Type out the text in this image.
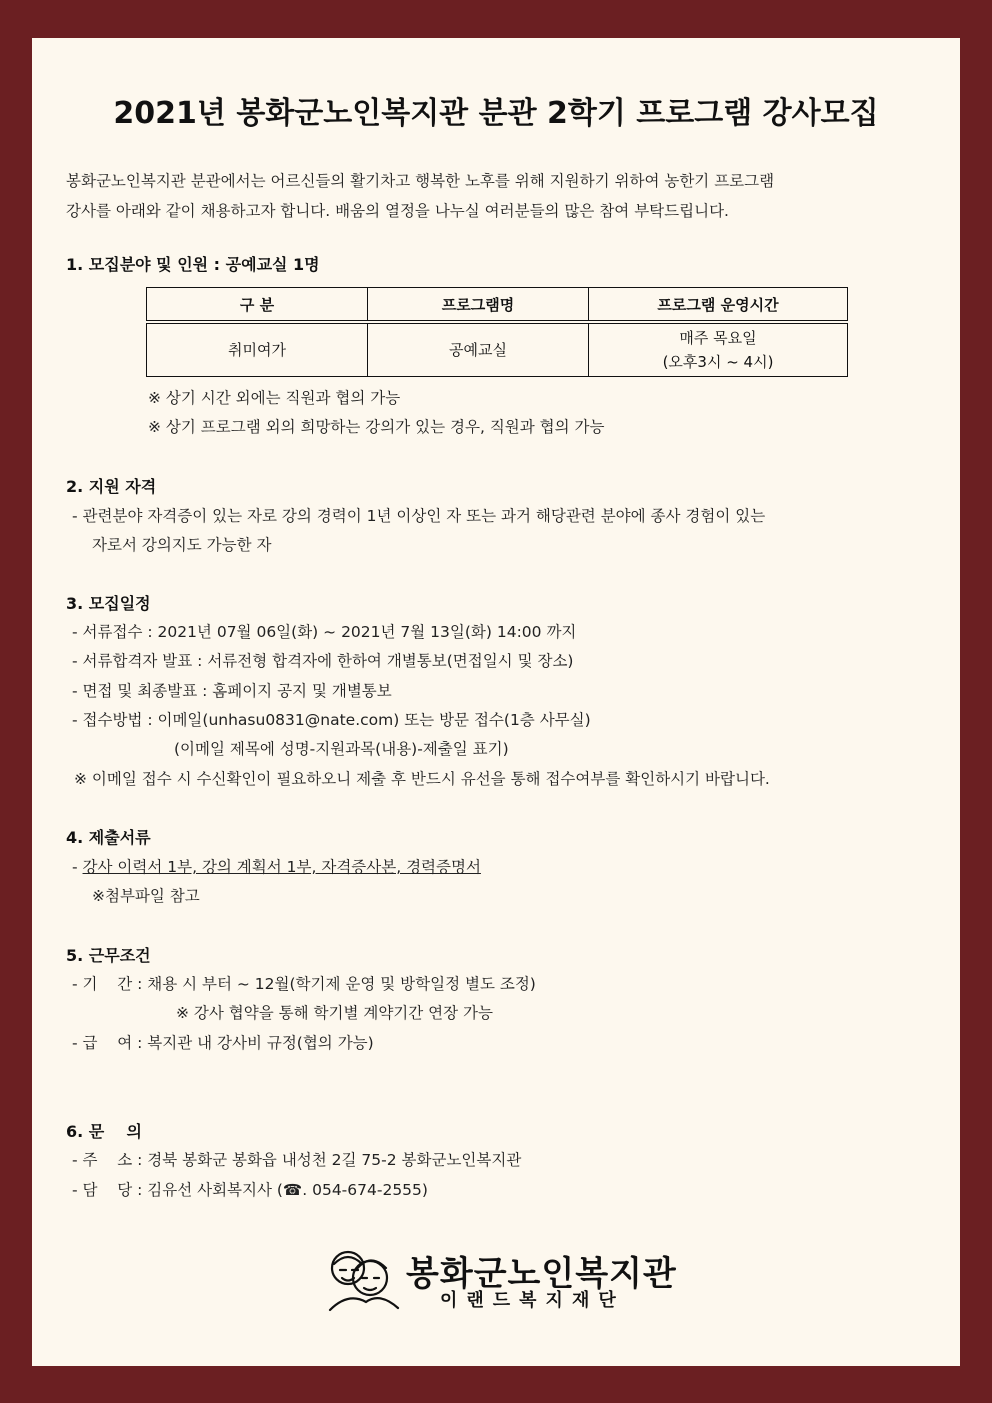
2021년 봉화군노인복지관 분관 2학기 프로그램 강사모집
봉화군노인복지관 분관에서는 어르신들의 활기차고 행복한 노후를 위해 지원하기 위하여 농한기 프로그램
강사를 아래와 같이 채용하고자 합니다. 배움의 열정을 나누실 여러분들의 많은 참여 부탁드립니다.
1. 모집분야 및 인원 : 공예교실 1명
구 분	프로그램명	프로그램 운영시간
취미여가	공예교실	매주 목요일
(오후3시 ~ 4시)
※ 상기 시간 외에는 직원과 협의 가능
※ 상기 프로그램 외의 희망하는 강의가 있는 경우, 직원과 협의 가능
2. 지원 자격
- 관련분야 자격증이 있는 자로 강의 경력이 1년 이상인 자 또는 과거 해당관련 분야에 종사 경험이 있는
자로서 강의지도 가능한 자
3. 모집일정
- 서류접수 : 2021년 07월 06일(화) ~ 2021년 7월 13일(화) 14:00 까지
- 서류합격자 발표 : 서류전형 합격자에 한하여 개별통보(면접일시 및 장소)
- 면접 및 최종발표 : 홈페이지 공지 및 개별통보
- 접수방법 : 이메일(unhasu0831@nate.com) 또는 방문 접수(1층 사무실)
(이메일 제목에 성명-지원과목(내용)-제출일 표기)
※ 이메일 접수 시 수신확인이 필요하오니 제출 후 반드시 유선을 통해 접수여부를 확인하시기 바랍니다.
4. 제출서류
- 강사 이력서 1부, 강의 계획서 1부, 자격증사본, 경력증명서
※첨부파일 참고
5. 근무조건
- 기    간 : 채용 시 부터 ~ 12월(학기제 운영 및 방학일정 별도 조정)
※ 강사 협약을 통해 학기별 계약기간 연장 가능
- 급    여 : 복지관 내 강사비 규정(협의 가능)
6. 문    의
- 주    소 : 경북 봉화군 봉화읍 내성천 2길 75-2 봉화군노인복지관
- 담    당 : 김유선 사회복지사 (☎. 054-674-2555)
봉화군노인복지관
이랜드복지재단
